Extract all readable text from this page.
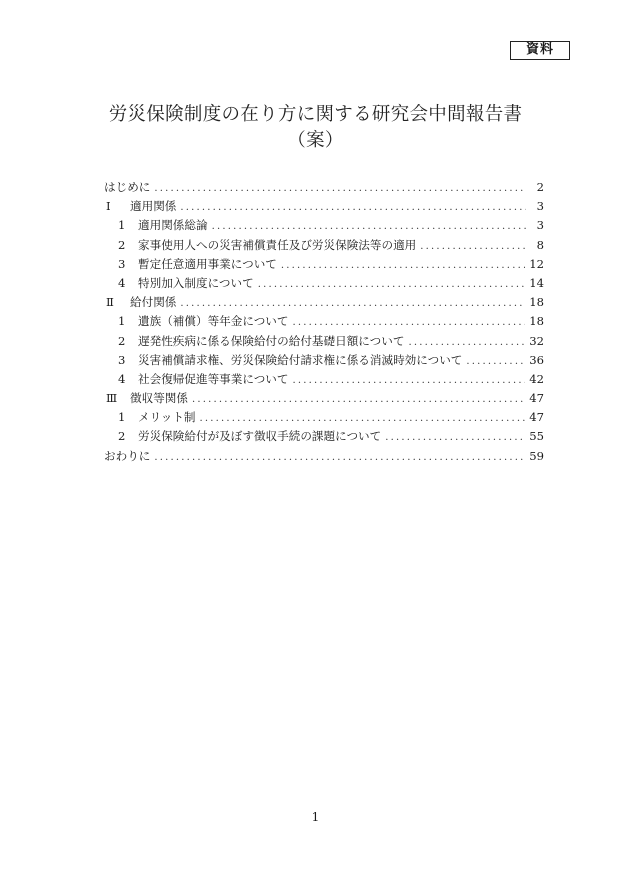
資料
労災保険制度の在り方に関する研究会中間報告書
（案）
はじめに .....	2
Ⅰ	適用関係 .....	3
1	適用関係総論 .....	3
2	家事使用人への災害補償責任及び労災保険法等の適用 .....	8
3	暫定任意適用事業について .....	12
4	特別加入制度について .....	14
Ⅱ	給付関係 .....	18
1	遺族（補償）等年金について .....	18
2	遅発性疾病に係る保険給付の給付基礎日額について .....	32
3	災害補償請求権、労災保険給付請求権に係る消滅時効について .....	36
4	社会復帰促進等事業について .....	42
Ⅲ	徴収等関係 .....	47
1	メリット制 .....	47
2	労災保険給付が及ぼす徴収手続の課題について .....	55
おわりに .....	59
1
